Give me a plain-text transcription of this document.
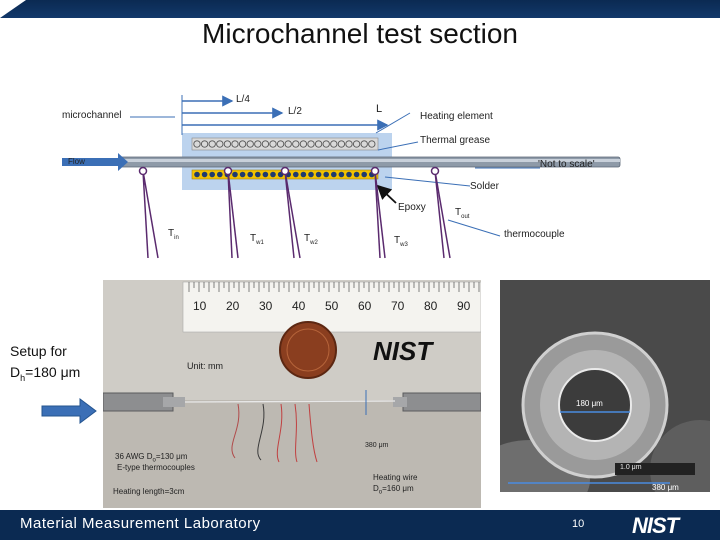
Microchannel test section
microchannel
L/4
L/2	L
Heating element
Thermal grease
Flow	'Not to scale'
Solder
Epoxy
thermocouple
$T_{in}$	$T_{w1}$	$T_{w2}$	$T_{w3}$
$T_{out}$
Setup for
$D_h=180$ μm
10 20 30 40 50 60 70 80 90
NIST
Unit: mm
380 μm
36 AWG $D_o=130$ μm
E-type thermocouples
Heating length=3cm
Heating wire
$D_o=160$ μm
180 μm
380 μm
1.0 μm
Material Measurement Laboratory	10 NIST
